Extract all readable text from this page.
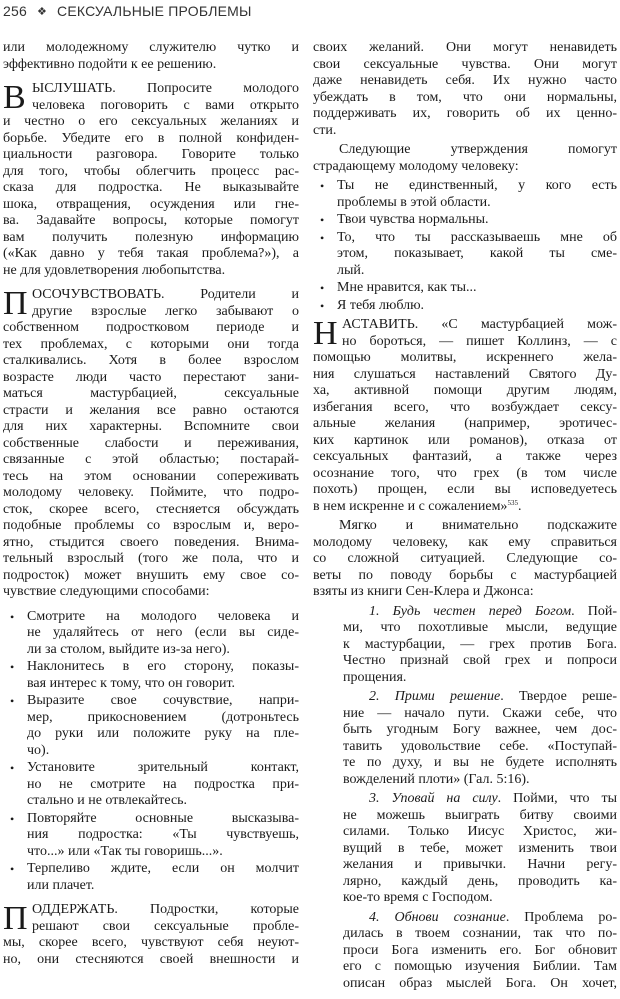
256 ❖ СЕКСУАЛЬНЫЕ ПРОБЛЕМЫ
или молодежному служителю чутко и
эффективно подойти к ее решению.
В ЫСЛУШАТЬ. Попросите молодого
человека поговорить с вами открыто
и честно о его сексуальных желаниях и
борьбе. Убедите его в полной конфиден-
циальности разговора. Говорите только
для того, чтобы облегчить процесс рас-
сказа для подростка. Не выказывайте
шока, отвращения, осуждения или гне-
ва. Задавайте вопросы, которые помогут
вам получить полезную информацию
(«Как давно у тебя такая проблема?»), а
не для удовлетворения любопытства.
П ОСОЧУВСТВОВАТЬ. Родители и
другие взрослые легко забывают о
собственном подростковом периоде и
тех проблемах, с которыми они тогда
сталкивались. Хотя в более взрослом
возрасте люди часто перестают зани-
маться мастурбацией, сексуальные
страсти и желания все равно остаются
для них характерны. Вспомните свои
собственные слабости и переживания,
связанные с этой областью; постарай-
тесь на этом основании сопереживать
молодому человеку. Поймите, что подро-
сток, скорее всего, стесняется обсуждать
подобные проблемы со взрослым и, веро-
ятно, стыдится своего поведения. Внима-
тельный взрослый (того же пола, что и
подросток) может внушить ему свое со-
чувствие следующими способами:
• Смотрите на молодого человека и
не удаляйтесь от него (если вы сиде-
ли за столом, выйдите из-за него).
• Наклонитесь в его сторону, показы-
вая интерес к тому, что он говорит.
• Выразите свое сочувствие, напри-
мер, прикосновением (дотроньтесь
до руки или положите руку на пле-
чо).
• Установите зрительный контакт,
но не смотрите на подростка при-
стально и не отвлекайтесь.
• Повторяйте основные высказыва-
ния подростка: «Ты чувствуешь,
что...» или «Так ты говоришь...».
• Терпеливо ждите, если он молчит
или плачет.
П ОДДЕРЖАТЬ. Подростки, которые
решают свои сексуальные пробле-
мы, скорее всего, чувствуют себя неуют-
но, они стесняются своей внешности и
своих желаний. Они могут ненавидеть
свои сексуальные чувства. Они могут
даже ненавидеть себя. Их нужно часто
убеждать в том, что они нормальны,
поддерживать их, говорить об их ценно-
сти.
Следующие утверждения помогут
страдающему молодому человеку:
• Ты не единственный, у кого есть
проблемы в этой области.
• Твои чувства нормальны.
• То, что ты рассказываешь мне об
этом, показывает, какой ты сме-
лый.
• Мне нравится, как ты...
• Я тебя люблю.
Н АСТАВИТЬ. «С мастурбацией мож-
но бороться, — пишет Коллинз, — с
помощью молитвы, искреннего жела-
ния слушаться наставлений Святого Ду-
ха, активной помощи другим людям,
избегания всего, что возбуждает сексу-
альные желания (например, эротичес-
ких картинок или романов), отказа от
сексуальных фантазий, а также через
осознание того, что грех (в том числе
похоть) прощен, если вы исповедуетесь
в нем искренне и с сожалением»$^{535}$.
Мягко и внимательно подскажите
молодому человеку, как ему справиться
со сложной ситуацией. Следующие со-
веты по поводу борьбы с мастурбацией
взяты из книги Сен-Клера и Джонса:
1. Будь честен перед Богом. Пой-
ми, что похотливые мысли, ведущие
к мастурбации, — грех против Бога.
Честно признай свой грех и попроси
прощения.
2. Прими решение. Твердое реше-
ние — начало пути. Скажи себе, что
быть угодным Богу важнее, чем дос-
тавить удовольствие себе. «Поступай-
те по духу, и вы не будете исполнять
вожделений плоти» (Гал. 5:16).
3. Уповай на силу. Пойми, что ты
не можешь выиграть битву своими
силами. Только Иисус Христос, жи-
вущий в тебе, может изменить твои
желания и привычки. Начни регу-
лярно, каждый день, проводить ка-
кое-то время с Господом.
4. Обнови сознание. Проблема ро-
дилась в твоем сознании, так что по-
проси Бога изменить его. Бог обновит
его с помощью изучения Библии. Там
описан образ мыслей Бога. Он хочет,
